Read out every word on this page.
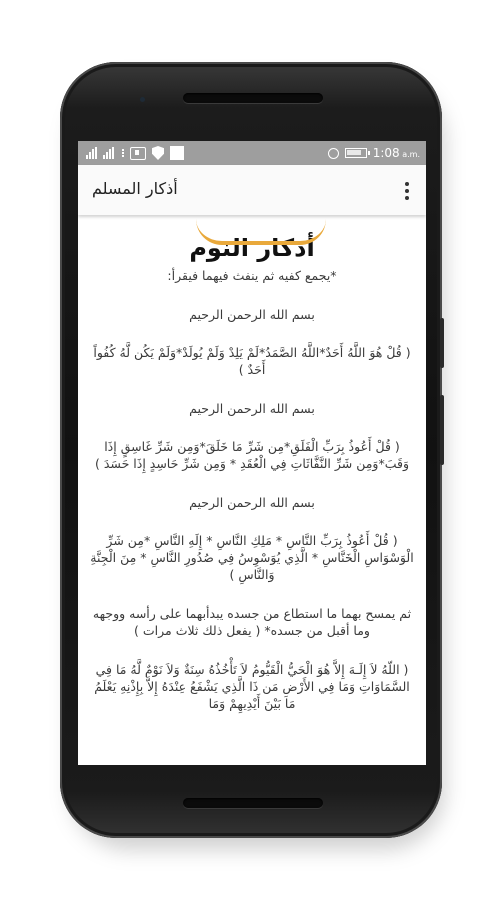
1:08 a.m.
أذكار المسلم
أذكار النوم

*يجمع كفيه ثم ينفث فيهما فيقرأ:

بسم الله الرحمن الرحيم

( قُلْ هُوَ اللَّهُ أَحَدٌ*اللَّهُ الصَّمَدُ*لَمْ يَلِدْ وَلَمْ يُولَدْ*وَلَمْ يَكُن لَّهُ كُفُواً أَحَدٌ )

بسم الله الرحمن الرحيم

( قُلْ أَعُوذُ بِرَبِّ الْفَلَقِ*مِن شَرِّ مَا خَلَقَ*وَمِن شَرِّ غَاسِقٍ إِذَا وَقَبَ*وَمِن شَرِّ النَّفَّاثَاتِ فِي الْعُقَدِ * وَمِن شَرِّ حَاسِدٍ إِذَا حَسَدَ )

بسم الله الرحمن الرحيم

( قُلْ أَعُوذُ بِرَبِّ النَّاسِ * مَلِكِ النَّاسِ * إِلَهِ النَّاسِ *مِن شَرِّ الْوَسْوَاسِ الْخَنَّاسِ * الَّذِي يُوَسْوِسُ فِي صُدُورِ النَّاسِ * مِنَ الْجِنَّةِ وَالنَّاسِ )

ثم يمسح بهما ما استطاع من جسده يبدأبهما على رأسه ووجهه وما أقبل من جسده* ( يفعل ذلك ثلاث مرات )

( اللّهُ لاَ إِلَـهَ إِلاَّ هُوَ الْحَيُّ الْقَيُّومُ لاَ تَأْخُذُهُ سِنَةٌ وَلاَ نَوْمٌ لَّهُ مَا فِي السَّمَاوَاتِ وَمَا فِي الأَرْضِ مَن ذَا الَّذِي يَشْفَعُ عِنْدَهُ إِلاَّ بِإِذْنِهِ يَعْلَمُ مَا بَيْنَ أَيْدِيهِمْ وَمَا
